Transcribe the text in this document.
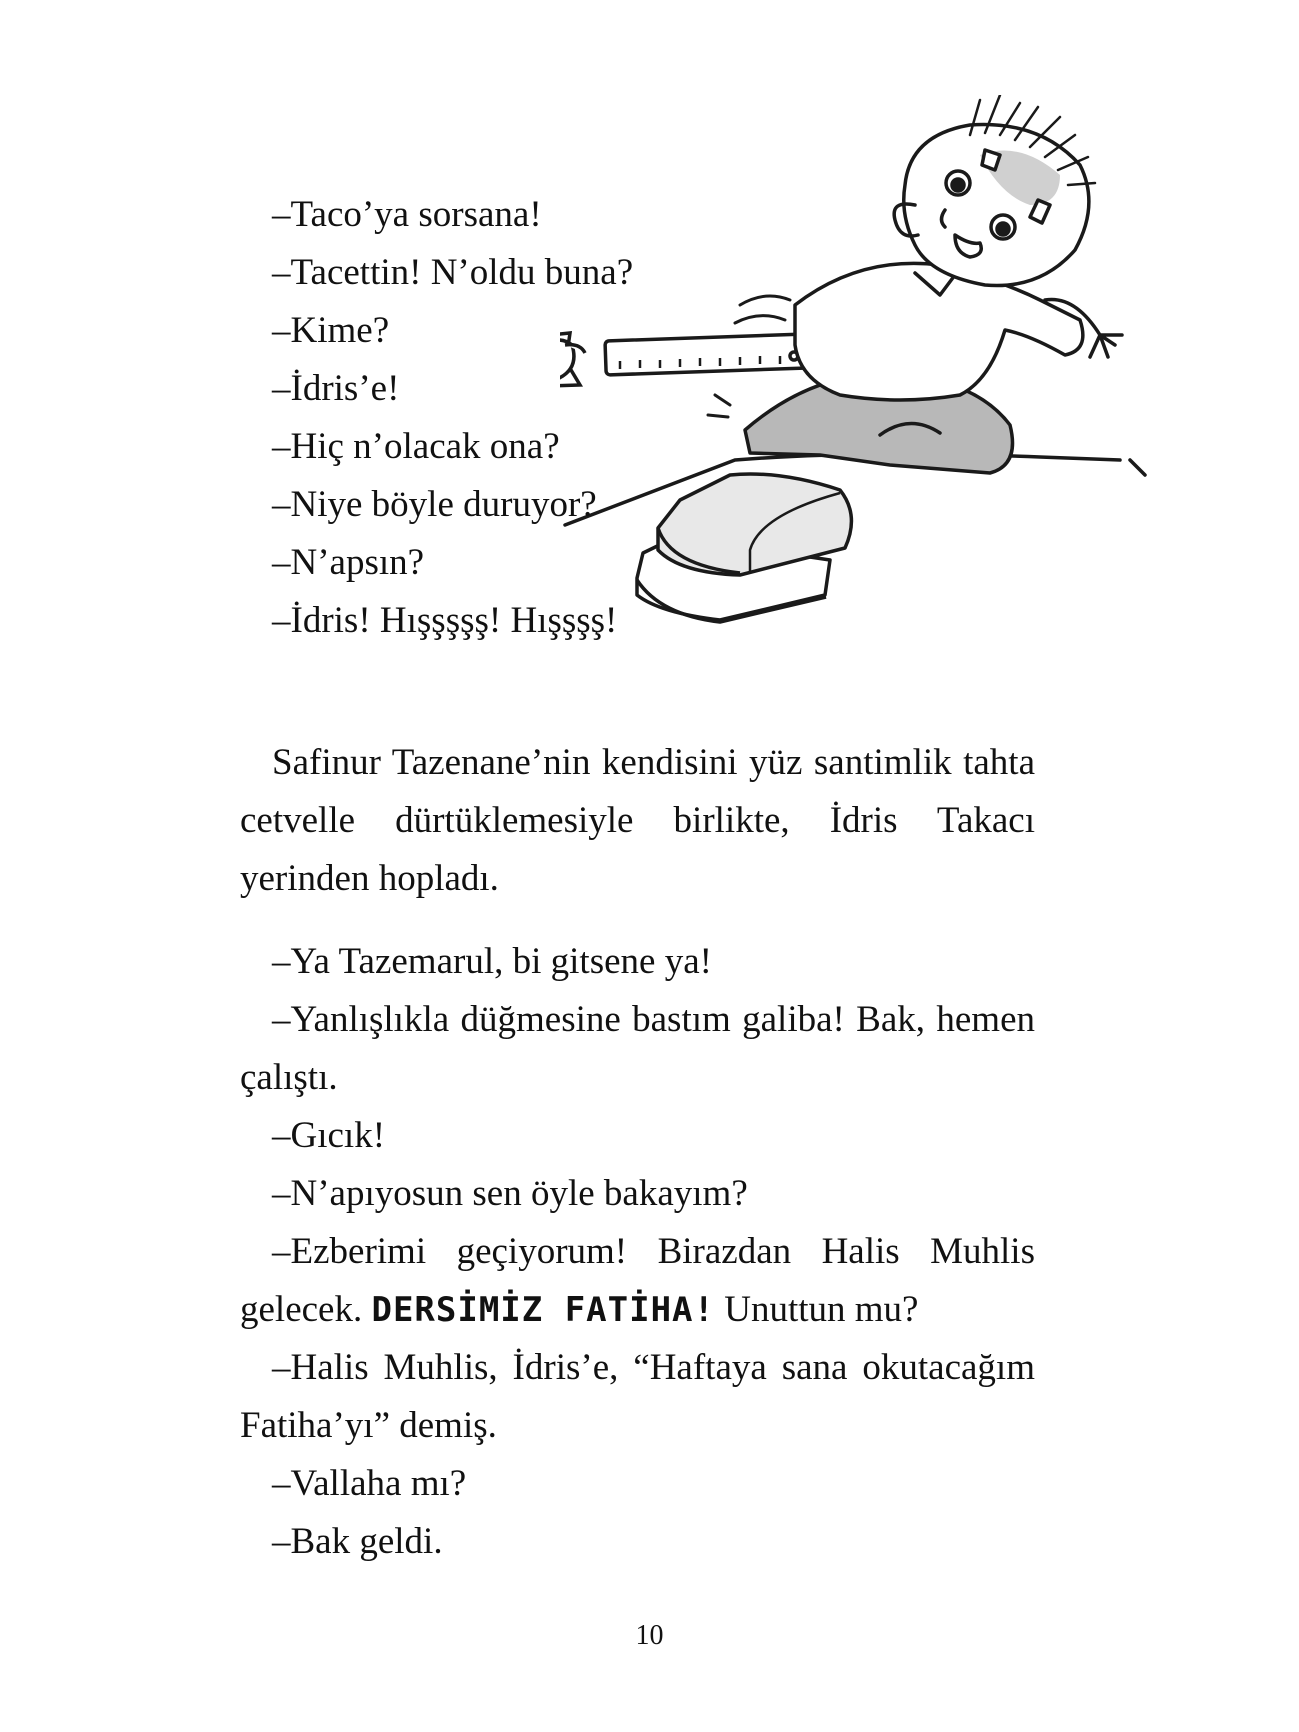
–Taco’ya sorsana!
–Tacettin! N’oldu buna?
–Kime?
–İdris’e!
–Hiç n’olacak ona?
–Niye böyle duruyor?
–N’apsın?
–İdris! Hışşşşş! Hışşşş!

Safinur Tazenane’nin kendisini yüz santimlik tahta cetvelle dürtüklemesiyle birlikte, İdris Takacı yerinden hopladı.

–Ya Tazemarul, bi gitsene ya!
–Yanlışlıkla düğmesine bastım galiba! Bak, hemen çalıştı.
–Gıcık!
–N’apıyosun sen öyle bakayım?
–Ezberimi geçiyorum! Birazdan Halis Muhlis gelecek. DERSİMİZ FATİHA! Unuttun mu?
–Halis Muhlis, İdris’e, “Haftaya sana okutacağım Fatiha’yı” demiş.
–Vallaha mı?
–Bak geldi.
10
